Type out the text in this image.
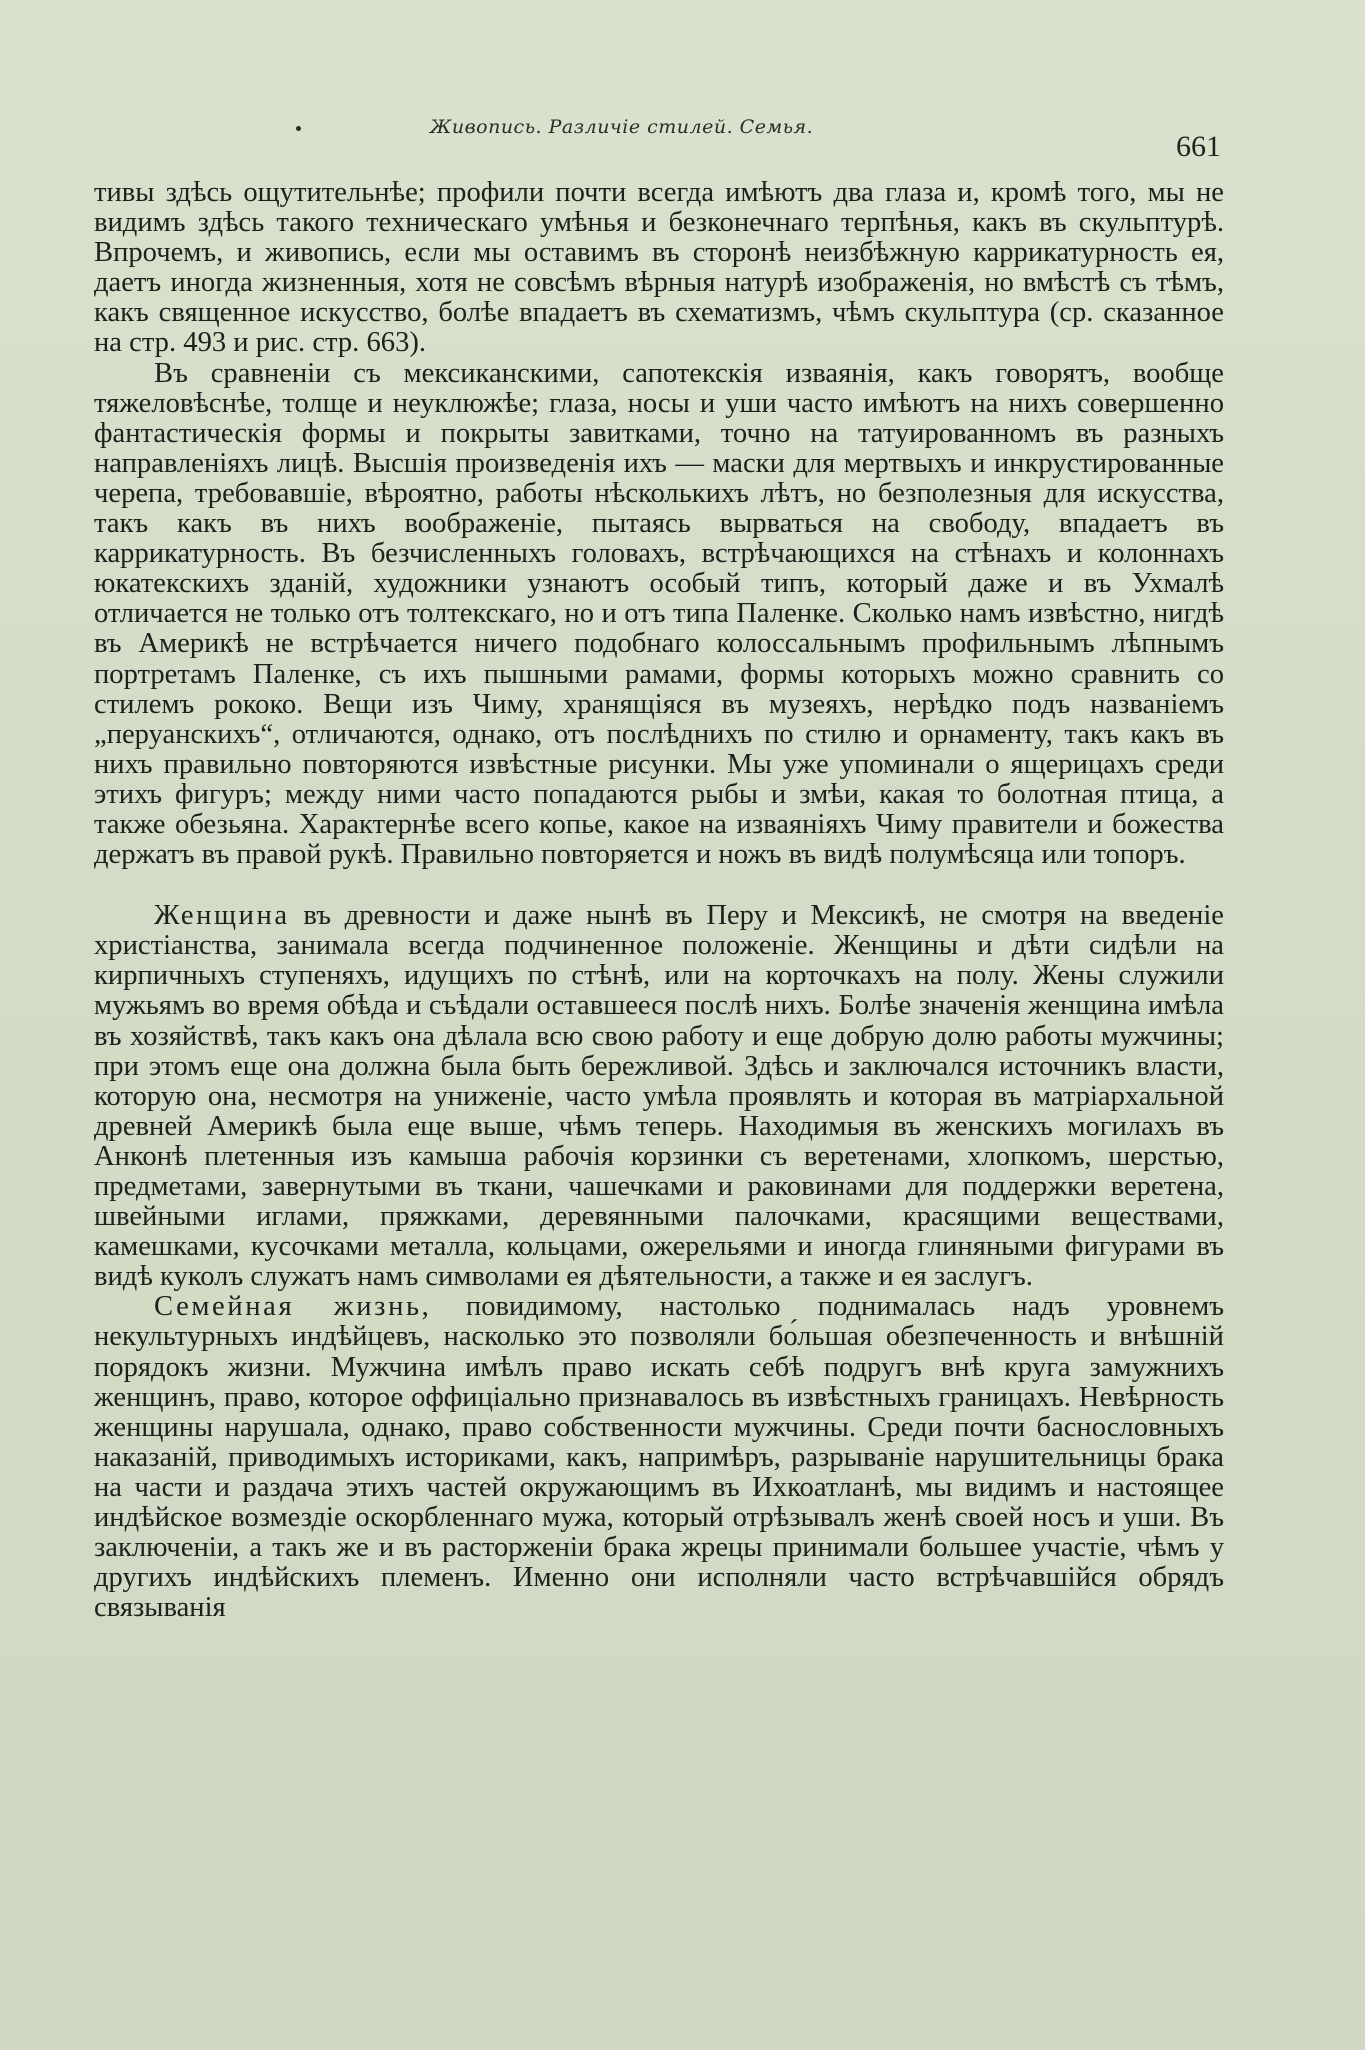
Живопись. Различіе стилей. Семья.
661

тивы здѣсь ощутительнѣе; профили почти всегда имѣютъ два глаза и, кромѣ того, мы не видимъ здѣсь такого техническаго умѣнья и безконечнаго терпѣнья, какъ въ скульптурѣ. Впрочемъ, и живопись, если мы оставимъ въ сторонѣ неизбѣжную каррикатурность ея, даетъ иногда жизненныя, хотя не совсѣмъ вѣрныя натурѣ изображенія, но вмѣстѣ съ тѣмъ, какъ священное искусство, болѣе впадаетъ въ схематизмъ, чѣмъ скульптура (ср. сказанное на стр. 493 и рис. стр. 663).

Въ сравненіи съ мексиканскими, сапотекскія изваянія, какъ говорятъ, вообще тяжеловѣснѣе, толще и неуклюжѣе; глаза, носы и уши часто имѣютъ на нихъ совершенно фантастическія формы и покрыты завитками, точно на татуированномъ въ разныхъ направленіяхъ лицѣ. Высшія произведенія ихъ — маски для мертвыхъ и инкрустированные черепа, требовавшіе, вѣроятно, работы нѣсколькихъ лѣтъ, но безполезныя для искусства, такъ какъ въ нихъ воображеніе, пытаясь вырваться на свободу, впадаетъ въ каррикатурность. Въ безчисленныхъ головахъ, встрѣчающихся на стѣнахъ и колоннахъ юкатекскихъ зданій, художники узнаютъ особый типъ, который даже и въ Ухмалѣ отличается не только отъ толтекскаго, но и отъ типа Паленке. Сколько намъ извѣстно, нигдѣ въ Америкѣ не встрѣчается ничего подобнаго колоссальнымъ профильнымъ лѣпнымъ портретамъ Паленке, съ ихъ пышными рамами, формы которыхъ можно сравнить со стилемъ рококо. Вещи изъ Чиму, хранящіяся въ музеяхъ, нерѣдко подъ названіемъ „перуанскихъ“, отличаются, однако, отъ послѣднихъ по стилю и орнаменту, такъ какъ въ нихъ правильно повторяются извѣстные рисунки. Мы уже упоминали о ящерицахъ среди этихъ фигуръ; между ними часто попадаются рыбы и змѣи, какая то болотная птица, а также обезьяна. Характернѣе всего копье, какое на изваяніяхъ Чиму правители и божества держатъ въ правой рукѣ. Правильно повторяется и ножъ въ видѣ полумѣсяца или топоръ.

Женщина въ древности и даже нынѣ въ Перу и Мексикѣ, не смотря на введеніе христіанства, занимала всегда подчиненное положеніе. Женщины и дѣти сидѣли на кирпичныхъ ступеняхъ, идущихъ по стѣнѣ, или на корточкахъ на полу. Жены служили мужьямъ во время обѣда и съѣдали оставшееся послѣ нихъ. Болѣе значенія женщина имѣла въ хозяйствѣ, такъ какъ она дѣлала всю свою работу и еще добрую долю работы мужчины; при этомъ еще она должна была быть бережливой. Здѣсь и заключался источникъ власти, которую она, несмотря на униженіе, часто умѣла проявлять и которая въ матріархальной древней Америкѣ была еще выше, чѣмъ теперь. Находимыя въ женскихъ могилахъ въ Анконѣ плетенныя изъ камыша рабочія корзинки съ веретенами, хлопкомъ, шерстью, предметами, завернутыми въ ткани, чашечками и раковинами для поддержки веретена, швейными иглами, пряжками, деревянными палочками, красящими веществами, камешками, кусочками металла, кольцами, ожерельями и иногда глиняными фигурами въ видѣ куколъ служатъ намъ символами ея дѣятельности, а также и ея заслугъ.

Семейная жизнь, повидимому, настолько поднималась надъ уровнемъ некультурныхъ индѣйцевъ, насколько это позволяли бо́льшая обезпеченность и внѣшній порядокъ жизни. Мужчина имѣлъ право искать себѣ подругъ внѣ круга замужнихъ женщинъ, право, которое оффиціально признавалось въ извѣстныхъ границахъ. Невѣрность женщины нарушала, однако, право собственности мужчины. Среди почти баснословныхъ наказаній, приводимыхъ историками, какъ, напримѣръ, разрываніе нарушительницы брака на части и раздача этихъ частей окружающимъ въ Ихкоатланѣ, мы видимъ и настоящее индѣйское возмездіе оскорбленнаго мужа, который отрѣзывалъ женѣ своей носъ и уши. Въ заключеніи, а такъ же и въ расторженіи брака жрецы принимали большее участіе, чѣмъ у другихъ индѣйскихъ племенъ. Именно они исполняли часто встрѣчавшійся обрядъ связыванія
